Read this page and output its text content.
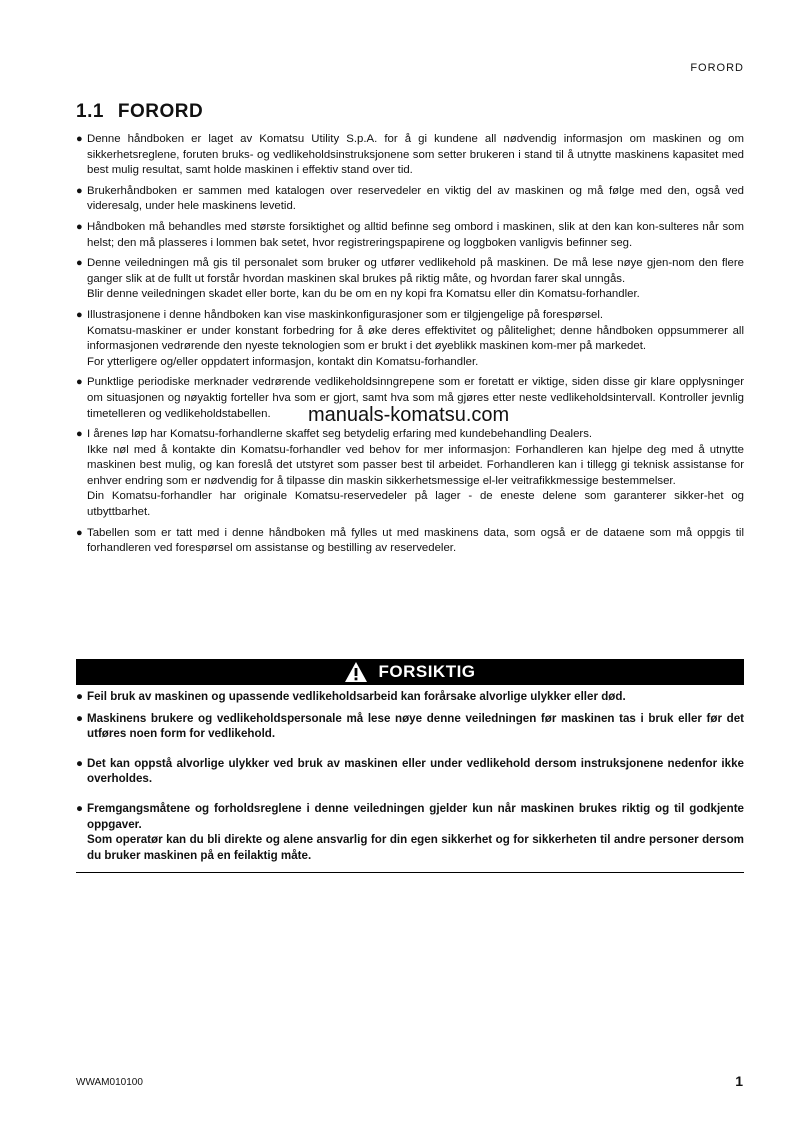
FORORD
1.1 FORORD
● Denne håndboken er laget av Komatsu Utility S.p.A. for å gi kundene all nødvendig informasjon om maskinen og om sikkerhetsreglene, foruten bruks- og vedlikeholdsinstruksjonene som setter brukeren i stand til å utnytte maskinens kapasitet med best mulig resultat, samt holde maskinen i effektiv stand over tid.

● Brukerhåndboken er sammen med katalogen over reservedeler en viktig del av maskinen og må følge med den, også ved videresalg, under hele maskinens levetid.

● Håndboken må behandles med største forsiktighet og alltid befinne seg ombord i maskinen, slik at den kan kon-sulteres når som helst; den må plasseres i lommen bak setet, hvor registreringspapirene og loggboken vanligvis befinner seg.

● Denne veiledningen må gis til personalet som bruker og utfører vedlikehold på maskinen. De må lese nøye gjen-nom den flere ganger slik at de fullt ut forstår hvordan maskinen skal brukes på riktig måte, og hvordan farer skal unngås.

Blir denne veiledningen skadet eller borte, kan du be om en ny kopi fra Komatsu eller din Komatsu-forhandler.

● Illustrasjonene i denne håndboken kan vise maskinkonfigurasjoner som er tilgjengelige på forespørsel.

Komatsu-maskiner er under konstant forbedring for å øke deres effektivitet og pålitelighet; denne håndboken oppsummerer all informasjonen vedrørende den nyeste teknologien som er brukt i det øyeblikk maskinen kom-mer på markedet.

For ytterligere og/eller oppdatert informasjon, kontakt din Komatsu-forhandler.

● Punktlige periodiske merknader vedrørende vedlikeholdsinngrepene som er foretatt er viktige, siden disse gir klare opplysninger om situasjonen og nøyaktig forteller hva som er gjort, samt hva som må gjøres etter neste vedlikeholdsintervall. Kontroller jevnlig timetelleren og vedlikeholdstabellen.

● I årenes løp har Komatsu-forhandlerne skaffet seg betydelig erfaring med kundebehandling Dealers.

Ikke nøl med å kontakte din Komatsu-forhandler ved behov for mer informasjon: Forhandleren kan hjelpe deg med å utnytte maskinen best mulig, og kan foreslå det utstyret som passer best til arbeidet. Forhandleren kan i tillegg gi teknisk assistanse for enhver endring som er nødvendig for å tilpasse din maskin sikkerhetsmessige el-ler veitrafikkmessige bestemmelser.

Din Komatsu-forhandler har originale Komatsu-reservedeler på lager - de eneste delene som garanterer sikker-het og utbyttbarhet.

● Tabellen som er tatt med i denne håndboken må fylles ut med maskinens data, som også er de dataene som må oppgis til forhandleren ved forespørsel om assistanse og bestilling av reservedeler.

manuals-komatsu.com
FORSIKTIG
● Feil bruk av maskinen og upassende vedlikeholdsarbeid kan forårsake alvorlige ulykker eller død.

● Maskinens brukere og vedlikeholdspersonale må lese nøye denne veiledningen før maskinen tas i bruk eller før det utføres noen form for vedlikehold.

● Det kan oppstå alvorlige ulykker ved bruk av maskinen eller under vedlikehold dersom instruksjonene nedenfor ikke overholdes.

● Fremgangsmåtene og forholdsreglene i denne veiledningen gjelder kun når maskinen brukes riktig og til godkjente oppgaver.

Som operatør kan du bli direkte og alene ansvarlig for din egen sikkerhet og for sikkerheten til andre personer dersom du bruker maskinen på en feilaktig måte.

WWAM010100	1
